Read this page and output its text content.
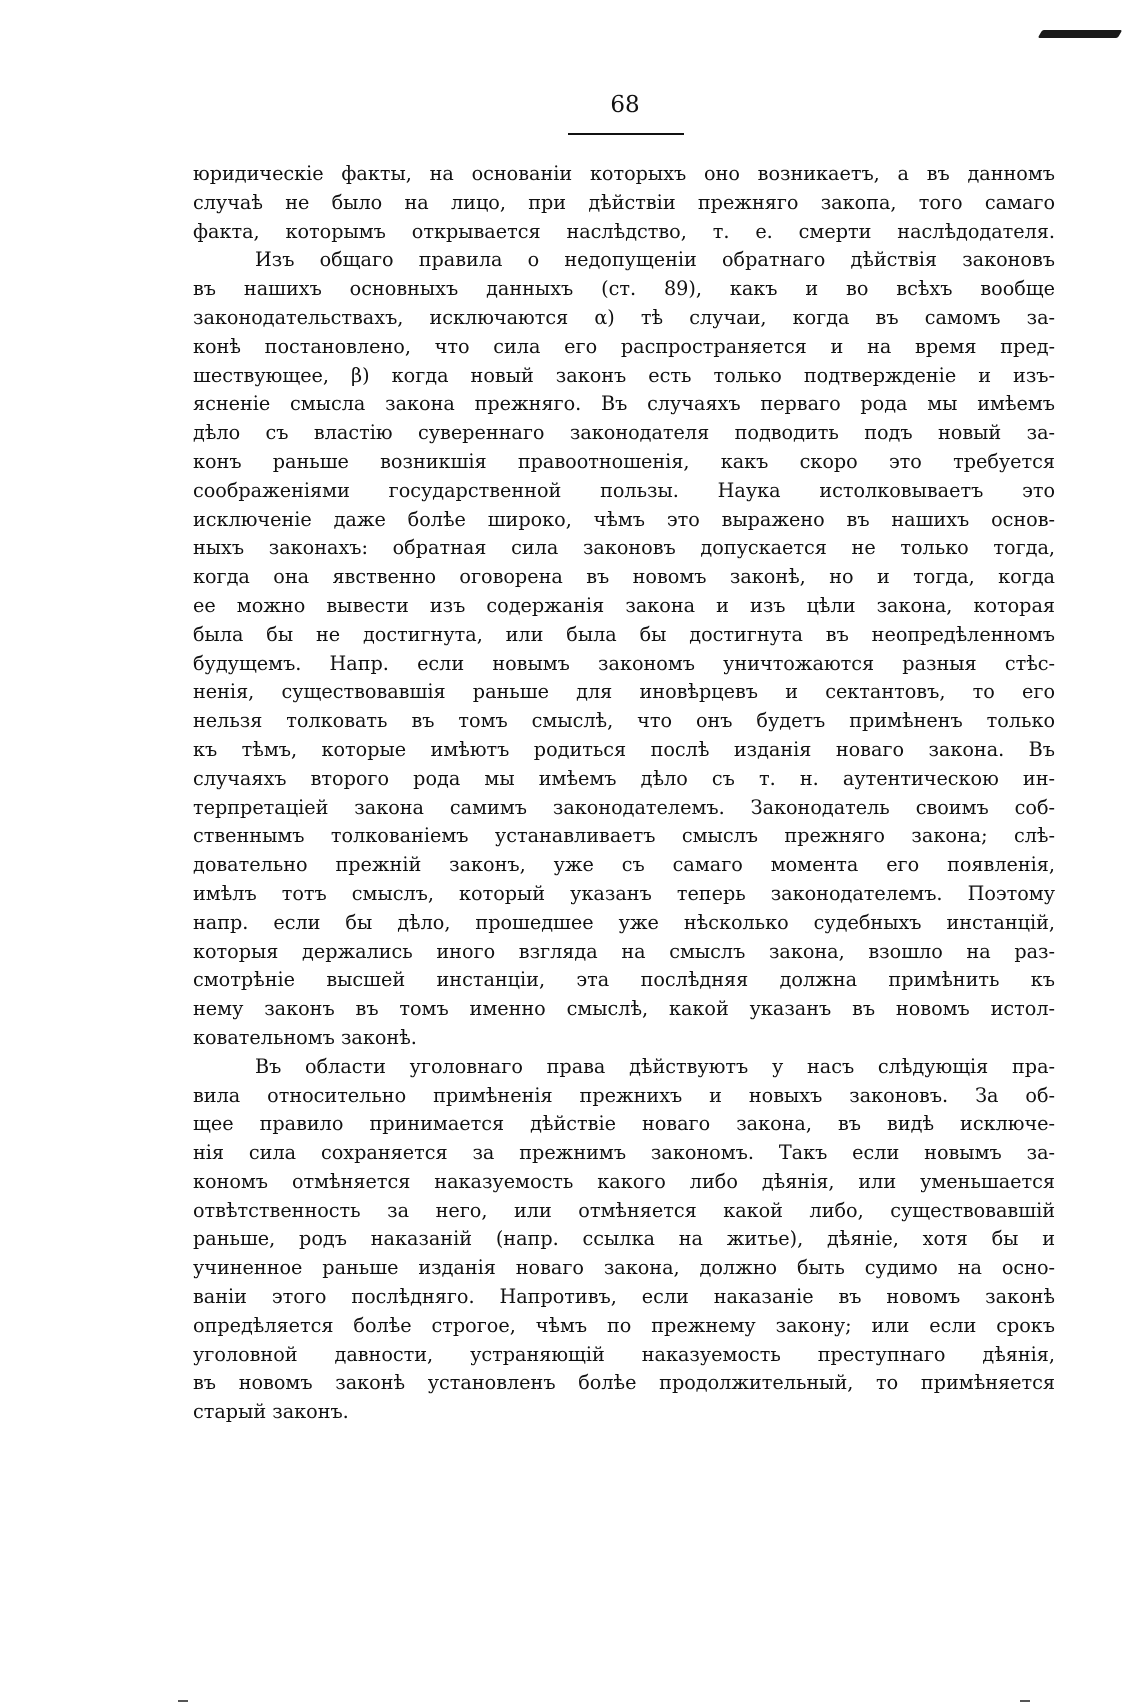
68
юридическіе факты, на основаніи которыхъ оно возникаетъ, а въ данномъ
случаѣ не было на лицо, при дѣйствіи прежняго закопа, того самаго
факта, которымъ открывается наслѣдство, т. е. смерти наслѣдодателя.
Изъ общаго правила о недопущеніи обратнаго дѣйствія законовъ
въ нашихъ основныхъ данныхъ (ст. 89), какъ и во всѣхъ вообще
законодательствахъ, исключаются α) тѣ случаи, когда въ самомъ за-
конѣ постановлено, что сила его распространяется и на время пред-
шествующее, β) когда новый законъ есть только подтвержденіе и изъ-
ясненіе смысла закона прежняго. Въ случаяхъ перваго рода мы имѣемъ
дѣло съ властію сувереннаго законодателя подводить подъ новый за-
конъ раньше возникшія правоотношенія, какъ скоро это требуется
соображеніями государственной пользы. Наука истолковываетъ это
исключеніе даже болѣе широко, чѣмъ это выражено въ нашихъ основ-
ныхъ законахъ: обратная сила законовъ допускается не только тогда,
когда она явственно оговорена въ новомъ законѣ, но и тогда, когда
ее можно вывести изъ содержанія закона и изъ цѣли закона, которая
была бы не достигнута, или была бы достигнута въ неопредѣленномъ
будущемъ. Напр. если новымъ закономъ уничтожаются разныя стѣс-
ненія, существовавшія раньше для иновѣрцевъ и сектантовъ, то его
нельзя толковать въ томъ смыслѣ, что онъ будетъ примѣненъ только
къ тѣмъ, которые имѣютъ родиться послѣ изданія новаго закона. Въ
случаяхъ второго рода мы имѣемъ дѣло съ т. н. аутентическою ин-
терпретаціей закона самимъ законодателемъ. Законодатель своимъ соб-
ственнымъ толкованіемъ устанавливаетъ смыслъ прежняго закона; слѣ-
довательно прежній законъ, уже съ самаго момента его появленія,
имѣлъ тотъ смыслъ, который указанъ теперь законодателемъ. Поэтому
напр. если бы дѣло, прошедшее уже нѣсколько судебныхъ инстанцій,
которыя держались иного взгляда на смыслъ закона, взошло на раз-
смотрѣніе высшей инстанціи, эта послѣдняя должна примѣнить къ
нему законъ въ томъ именно смыслѣ, какой указанъ въ новомъ истол-
ковательномъ законѣ.
Въ области уголовнаго права дѣйствуютъ у насъ слѣдующія пра-
вила относительно примѣненія прежнихъ и новыхъ законовъ. За об-
щее правило принимается дѣйствіе новаго закона, въ видѣ исключе-
нія сила сохраняется за прежнимъ закономъ. Такъ если новымъ за-
кономъ отмѣняется наказуемость какого либо дѣянія, или уменьшается
отвѣтственность за него, или отмѣняется какой либо, существовавшій
раньше, родъ наказаній (напр. ссылка на житье), дѣяніе, хотя бы и
учиненное раньше изданія новаго закона, должно быть судимо на осно-
ваніи этого послѣдняго. Напротивъ, если наказаніе въ новомъ законѣ
опредѣляется болѣе строгое, чѣмъ по прежнему закону; или если срокъ
уголовной давности, устраняющій наказуемость преступнаго дѣянія,
въ новомъ законѣ установленъ болѣе продолжительный, то примѣняется
старый законъ.
